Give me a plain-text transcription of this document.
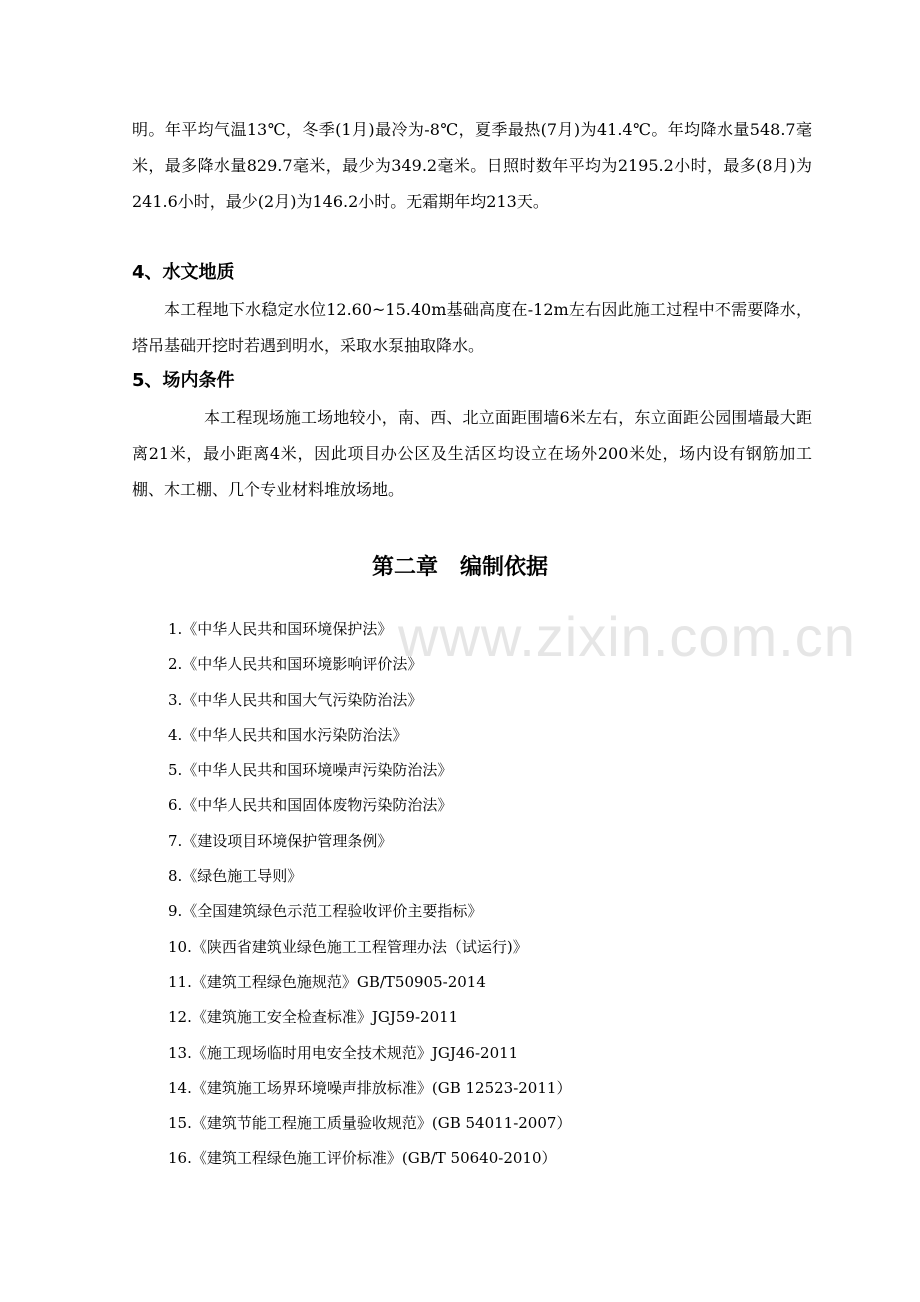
www.zixin.com.cn

明。年平均气温13℃，冬季(1月)最冷为-8℃，夏季最热(7月)为41.4℃。年均降水量548.7毫米，最多降水量829.7毫米，最少为349.2毫米。日照时数年平均为2195.2小时，最多(8月)为241.6小时，最少(2月)为146.2小时。无霜期年均213天。

4、水文地质

本工程地下水稳定水位12.60~15.40m基础高度在-12m左右因此施工过程中不需要降水，塔吊基础开挖时若遇到明水，采取水泵抽取降水。

5、场内条件

本工程现场施工场地较小，南、西、北立面距围墙6米左右，东立面距公园围墙最大距离21米，最小距离4米，因此项目办公区及生活区均设立在场外200米处，场内设有钢筋加工棚、木工棚、几个专业材料堆放场地。

第二章　编制依据
1.《中华人民共和国环境保护法》
2.《中华人民共和国环境影响评价法》
3.《中华人民共和国大气污染防治法》
4.《中华人民共和国水污染防治法》
5.《中华人民共和国环境噪声污染防治法》
6.《中华人民共和国固体废物污染防治法》
7.《建设项目环境保护管理条例》
8.《绿色施工导则》
9.《全国建筑绿色示范工程验收评价主要指标》
10.《陕西省建筑业绿色施工工程管理办法（试运行)》
11.《建筑工程绿色施规范》GB/T50905-2014
12.《建筑施工安全检查标准》JGJ59-2011
13.《施工现场临时用电安全技术规范》JGJ46-2011
14.《建筑施工场界环境噪声排放标准》(GB 12523-2011）
15.《建筑节能工程施工质量验收规范》(GB 54011-2007）
16.《建筑工程绿色施工评价标准》(GB/T 50640-2010）
